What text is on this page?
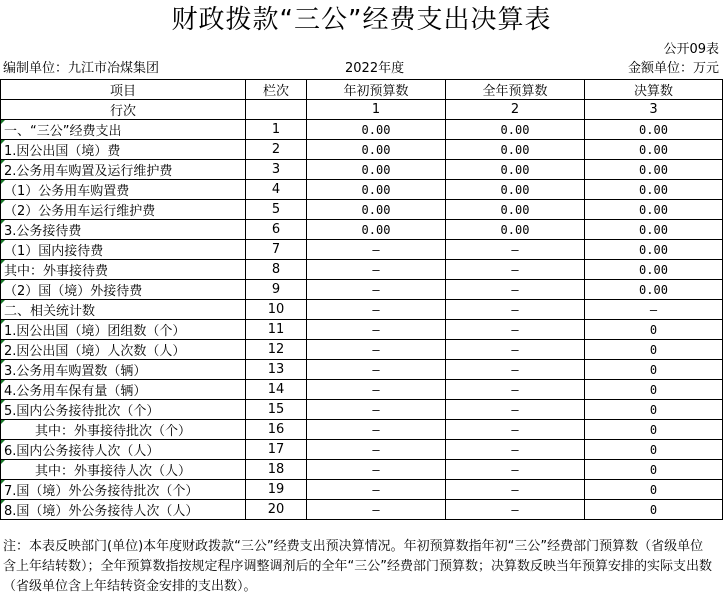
财政拨款“三公”经费支出决算表
公开09表
编制单位：九江市冶煤集团	2022年度	金额单位：万元
项目	栏次	年初预算数	全年预算数	决算数
行次		1	2	3

一、“三公”经费支出	1	0.00	0.00	0.00

1.因公出国（境）费	2	0.00	0.00	0.00

2.公务用车购置及运行维护费	3	0.00	0.00	0.00

（1）公务用车购置费	4	0.00	0.00	0.00

（2）公务用车运行维护费	5	0.00	0.00	0.00

3.公务接待费	6	0.00	0.00	0.00

（1）国内接待费	7	—	—	0.00

其中：外事接待费	8	—	—	0.00

（2）国（境）外接待费	9	—	—	0.00

二、相关统计数	10	—	—	—

1.因公出国（境）团组数（个）	11	—	—	0

2.因公出国（境）人次数（人）	12	—	—	0

3.公务用车购置数（辆）	13	—	—	0

4.公务用车保有量（辆）	14	—	—	0

5.国内公务接待批次（个）	15	—	—	0

其中：外事接待批次（个）	16	—	—	0

6.国内公务接待人次（人）	17	—	—	0

其中：外事接待人次（人）	18	—	—	0

7.国（境）外公务接待批次（个）	19	—	—	0

8.国（境）外公务接待人次（人）	20	—	—	0
注：本表反映部门(单位)本年度财政拨款“三公”经费支出预决算情况。年初预算数指年初“三公”经费部门预算数（省级单位含上年结转数）；全年预算数指按规定程序调整调剂后的全年“三公”经费部门预算数；决算数反映当年预算安排的实际支出数（省级单位含上年结转资金安排的支出数）。
